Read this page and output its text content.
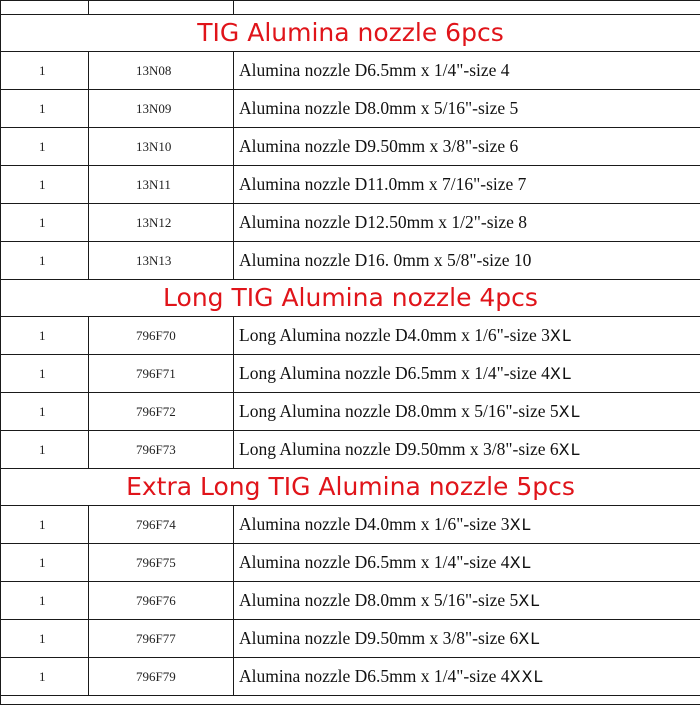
TIG Alumina nozzle 6pcs		
1	13N08	Alumina nozzle D6.5mm x 1/4"-size 4
1	13N09	Alumina nozzle D8.0mm x 5/16"-size 5
1	13N10	Alumina nozzle D9.50mm x 3/8"-size 6
1	13N11	Alumina nozzle D11.0mm x 7/16"-size 7
1	13N12	Alumina nozzle D12.50mm x 1/2"-size 8
1	13N13	Alumina nozzle D16. 0mm x 5/8"-size 10
Long TIG Alumina nozzle 4pcs		
1	796F70	Long Alumina nozzle D4.0mm x 1/6"-size 3XL
1	796F71	Long Alumina nozzle D6.5mm x 1/4"-size 4XL
1	796F72	Long Alumina nozzle D8.0mm x 5/16"-size 5XL
1	796F73	Long Alumina nozzle D9.50mm x 3/8"-size 6XL
Extra Long TIG Alumina nozzle 5pcs		
1	796F74	Alumina nozzle D4.0mm x 1/6"-size 3XL
1	796F75	Alumina nozzle D6.5mm x 1/4"-size 4XL
1	796F76	Alumina nozzle D8.0mm x 5/16"-size 5XL
1	796F77	Alumina nozzle D9.50mm x 3/8"-size 6XL
1	796F79	Alumina nozzle D6.5mm x 1/4"-size 4XXL
